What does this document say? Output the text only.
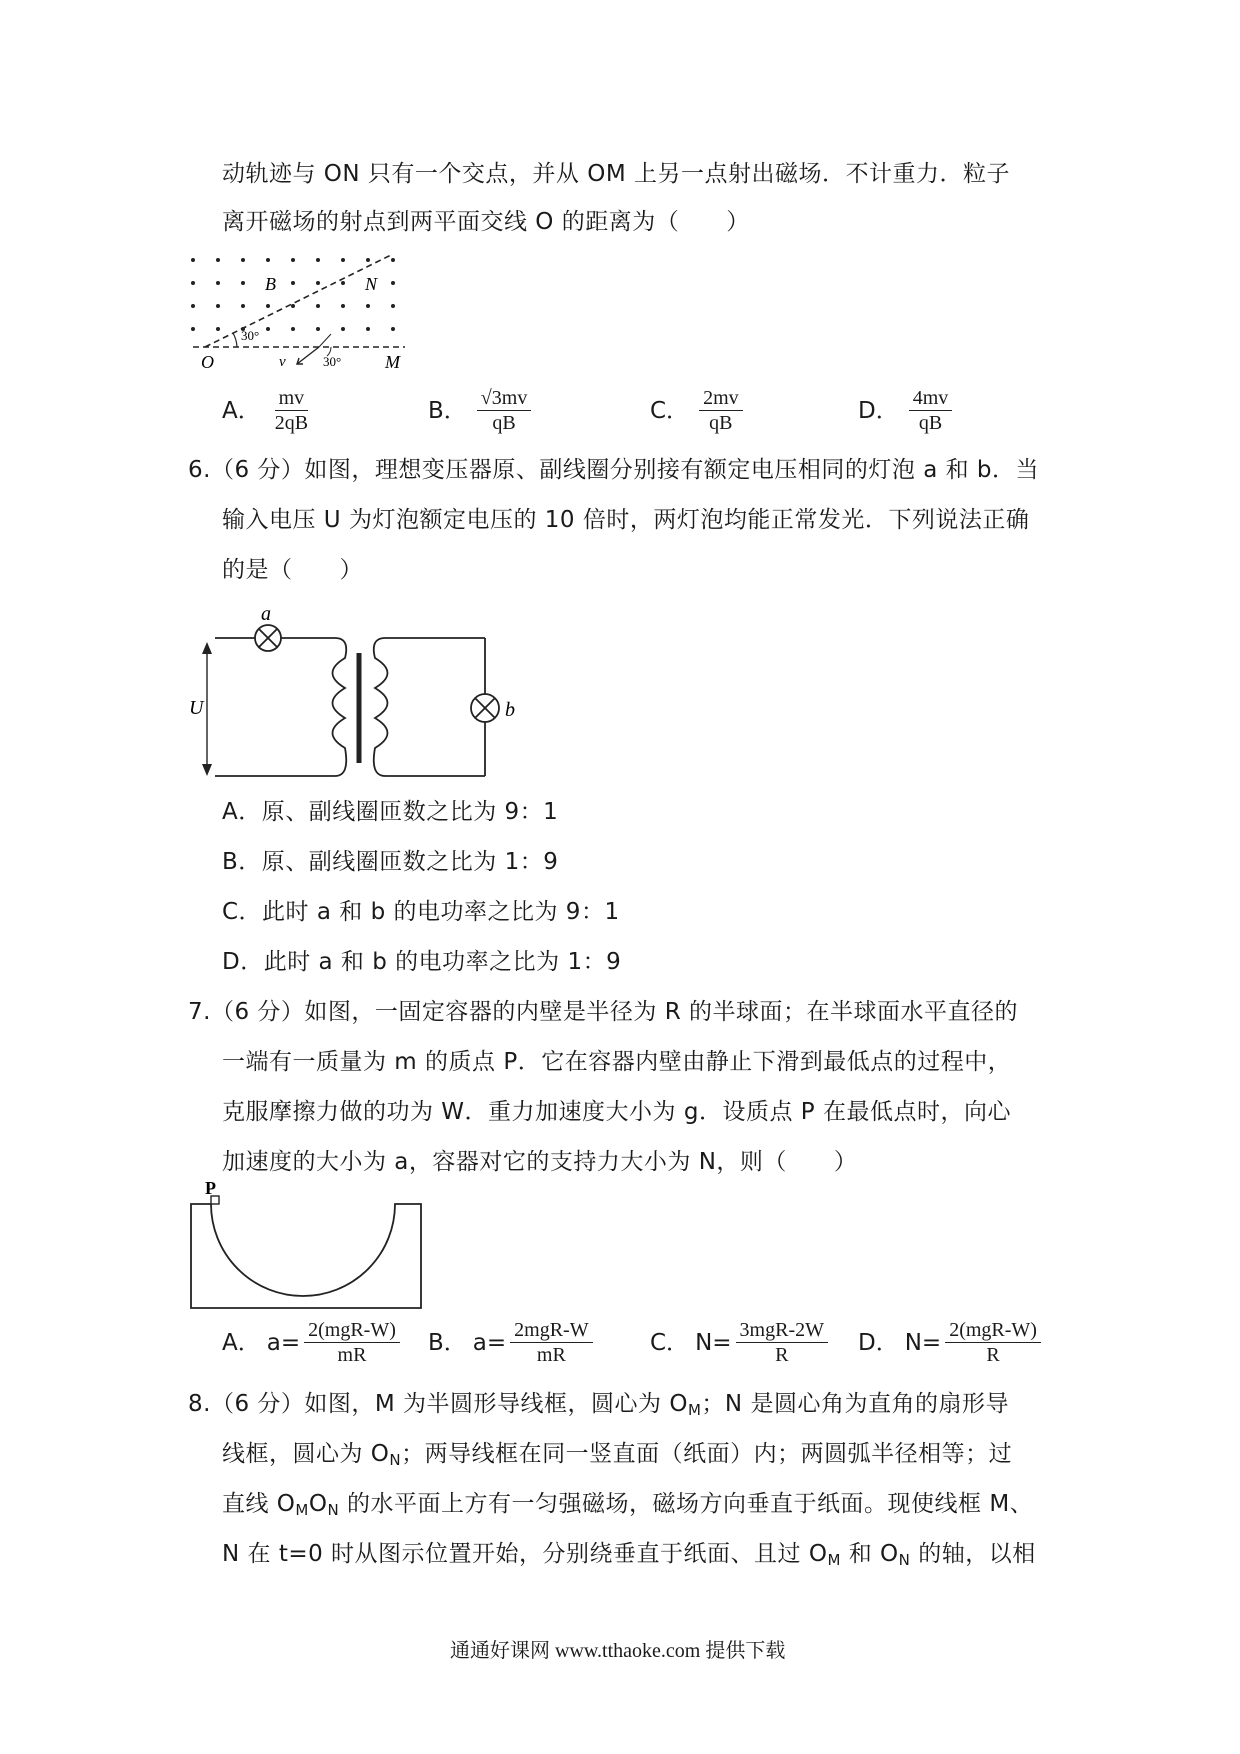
动轨迹与 ON 只有一个交点，并从 OM 上另一点射出磁场．不计重力．粒子
离开磁场的射点到两平面交线 O 的距离为（　　）
30°
30°
v
B	N
O	M
A． $\frac{mv}{2qB}$	B． $\frac{√3mv}{qB}$	C． $\frac{2mv}{qB}$	D． $\frac{4mv}{qB}$
6.（6 分）如图，理想变压器原、副线圈分别接有额定电压相同的灯泡 a 和 b．当
输入电压 U 为灯泡额定电压的 10 倍时，两灯泡均能正常发光．下列说法正确
的是（　　）
a
b
U
A．原、副线圈匝数之比为 9：1
B．原、副线圈匝数之比为 1：9
C．此时 a 和 b 的电功率之比为 9：1
D．此时 a 和 b 的电功率之比为 1：9
7.（6 分）如图，一固定容器的内壁是半径为 R 的半球面；在半球面水平直径的
一端有一质量为 m 的质点 P．它在容器内壁由静止下滑到最低点的过程中，
克服摩擦力做的功为 W．重力加速度大小为 g．设质点 P 在最低点时，向心
加速度的大小为 a，容器对它的支持力大小为 N，则（　　）
P
A． $a= \frac{\text{2(mgR-W)}}{mR}$ B． $a= \frac{\text{2mgR-W}}{mR}$ C． $N= \frac{\text{3mgR-2W}}{R}$ D． $N= \frac{\text{2(mgR-W)}}{R}$
8.（6 分）如图，M 为半圆形导线框，圆心为 $O_M$；N 是圆心角为直角的扇形导
线框，圆心为 $O_N$；两导线框在同一竖直面（纸面）内；两圆弧半径相等；过
直线 $O_MO_N$ 的水平面上方有一匀强磁场，磁场方向垂直于纸面。现使线框 M、
N 在 t=0 时从图示位置开始，分别绕垂直于纸面、且过 $O_M$ 和 $O_N$ 的轴，以相
通通好课网 www.tthaoke.com 提供下载
